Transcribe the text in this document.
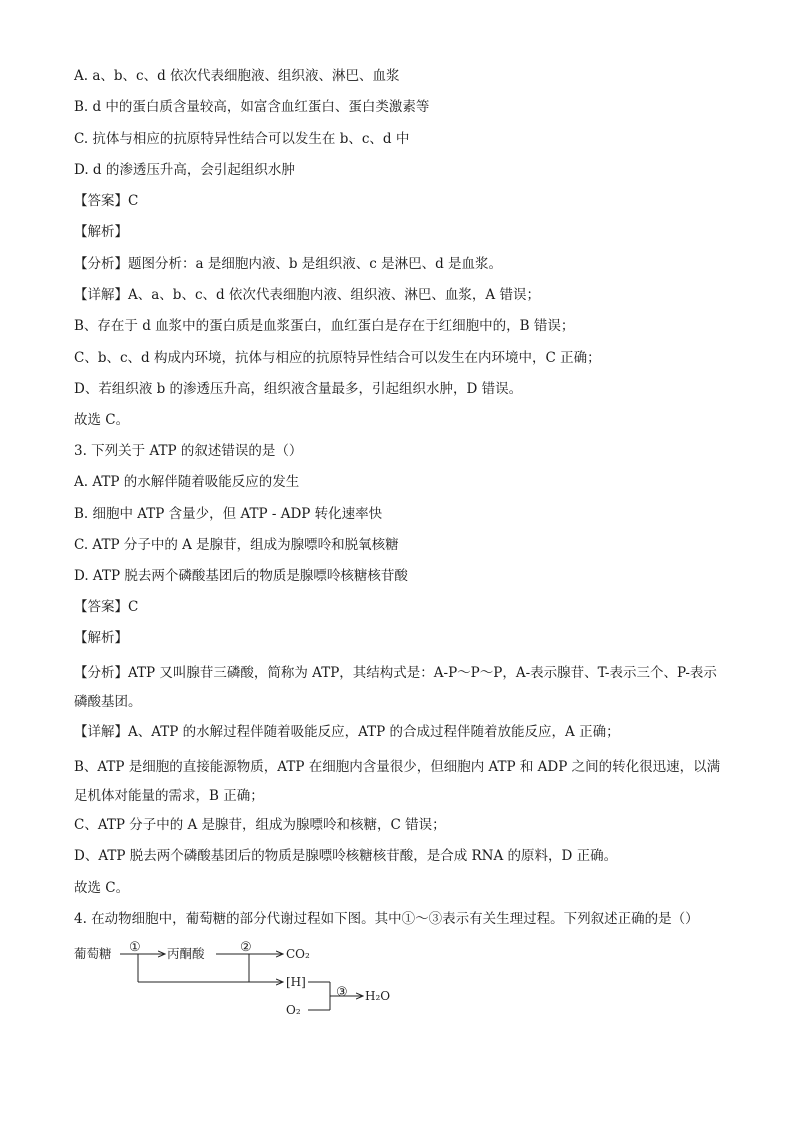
A. a、b、c、d 依次代表细胞液、组织液、淋巴、血浆
B. d 中的蛋白质含量较高，如富含血红蛋白、蛋白类激素等
C. 抗体与相应的抗原特异性结合可以发生在 b、c、d 中
D. d 的渗透压升高，会引起组织水肿
【答案】C
【解析】
【分析】题图分析：a 是细胞内液、b 是组织液、c 是淋巴、d 是血浆。
【详解】A、a、b、c、d 依次代表细胞内液、组织液、淋巴、血浆，A 错误；
B、存在于 d 血浆中的蛋白质是血浆蛋白，血红蛋白是存在于红细胞中的，B 错误；
C、b、c、d 构成内环境，抗体与相应的抗原特异性结合可以发生在内环境中，C 正确；
D、若组织液 b 的渗透压升高，组织液含量最多，引起组织水肿，D 错误。
故选 C。
3. 下列关于 ATP 的叙述错误的是（）
A. ATP 的水解伴随着吸能反应的发生
B. 细胞中 ATP 含量少，但 ATP - ADP 转化速率快
C. ATP 分子中的 A 是腺苷，组成为腺嘌呤和脱氧核糖
D. ATP 脱去两个磷酸基团后的物质是腺嘌呤核糖核苷酸
【答案】C
【解析】
【分析】ATP 又叫腺苷三磷酸，简称为 ATP，其结构式是：A-P～P～P，A-表示腺苷、T-表示三个、P-表示磷酸基团。
【详解】A、ATP 的水解过程伴随着吸能反应，ATP 的合成过程伴随着放能反应，A 正确；
B、ATP 是细胞的直接能源物质，ATP 在细胞内含量很少，但细胞内 ATP 和 ADP 之间的转化很迅速，以满足机体对能量的需求，B 正确；
C、ATP 分子中的 A 是腺苷，组成为腺嘌呤和核糖，C 错误；
D、ATP 脱去两个磷酸基团后的物质是腺嘌呤核糖核苷酸，是合成 RNA 的原料，D 正确。
故选 C。
4. 在动物细胞中，葡萄糖的部分代谢过程如下图。其中①～③表示有关生理过程。下列叙述正确的是（）
葡萄糖 ① 丙酮酸	②	CO₂
[H]
③ H₂O
O₂
